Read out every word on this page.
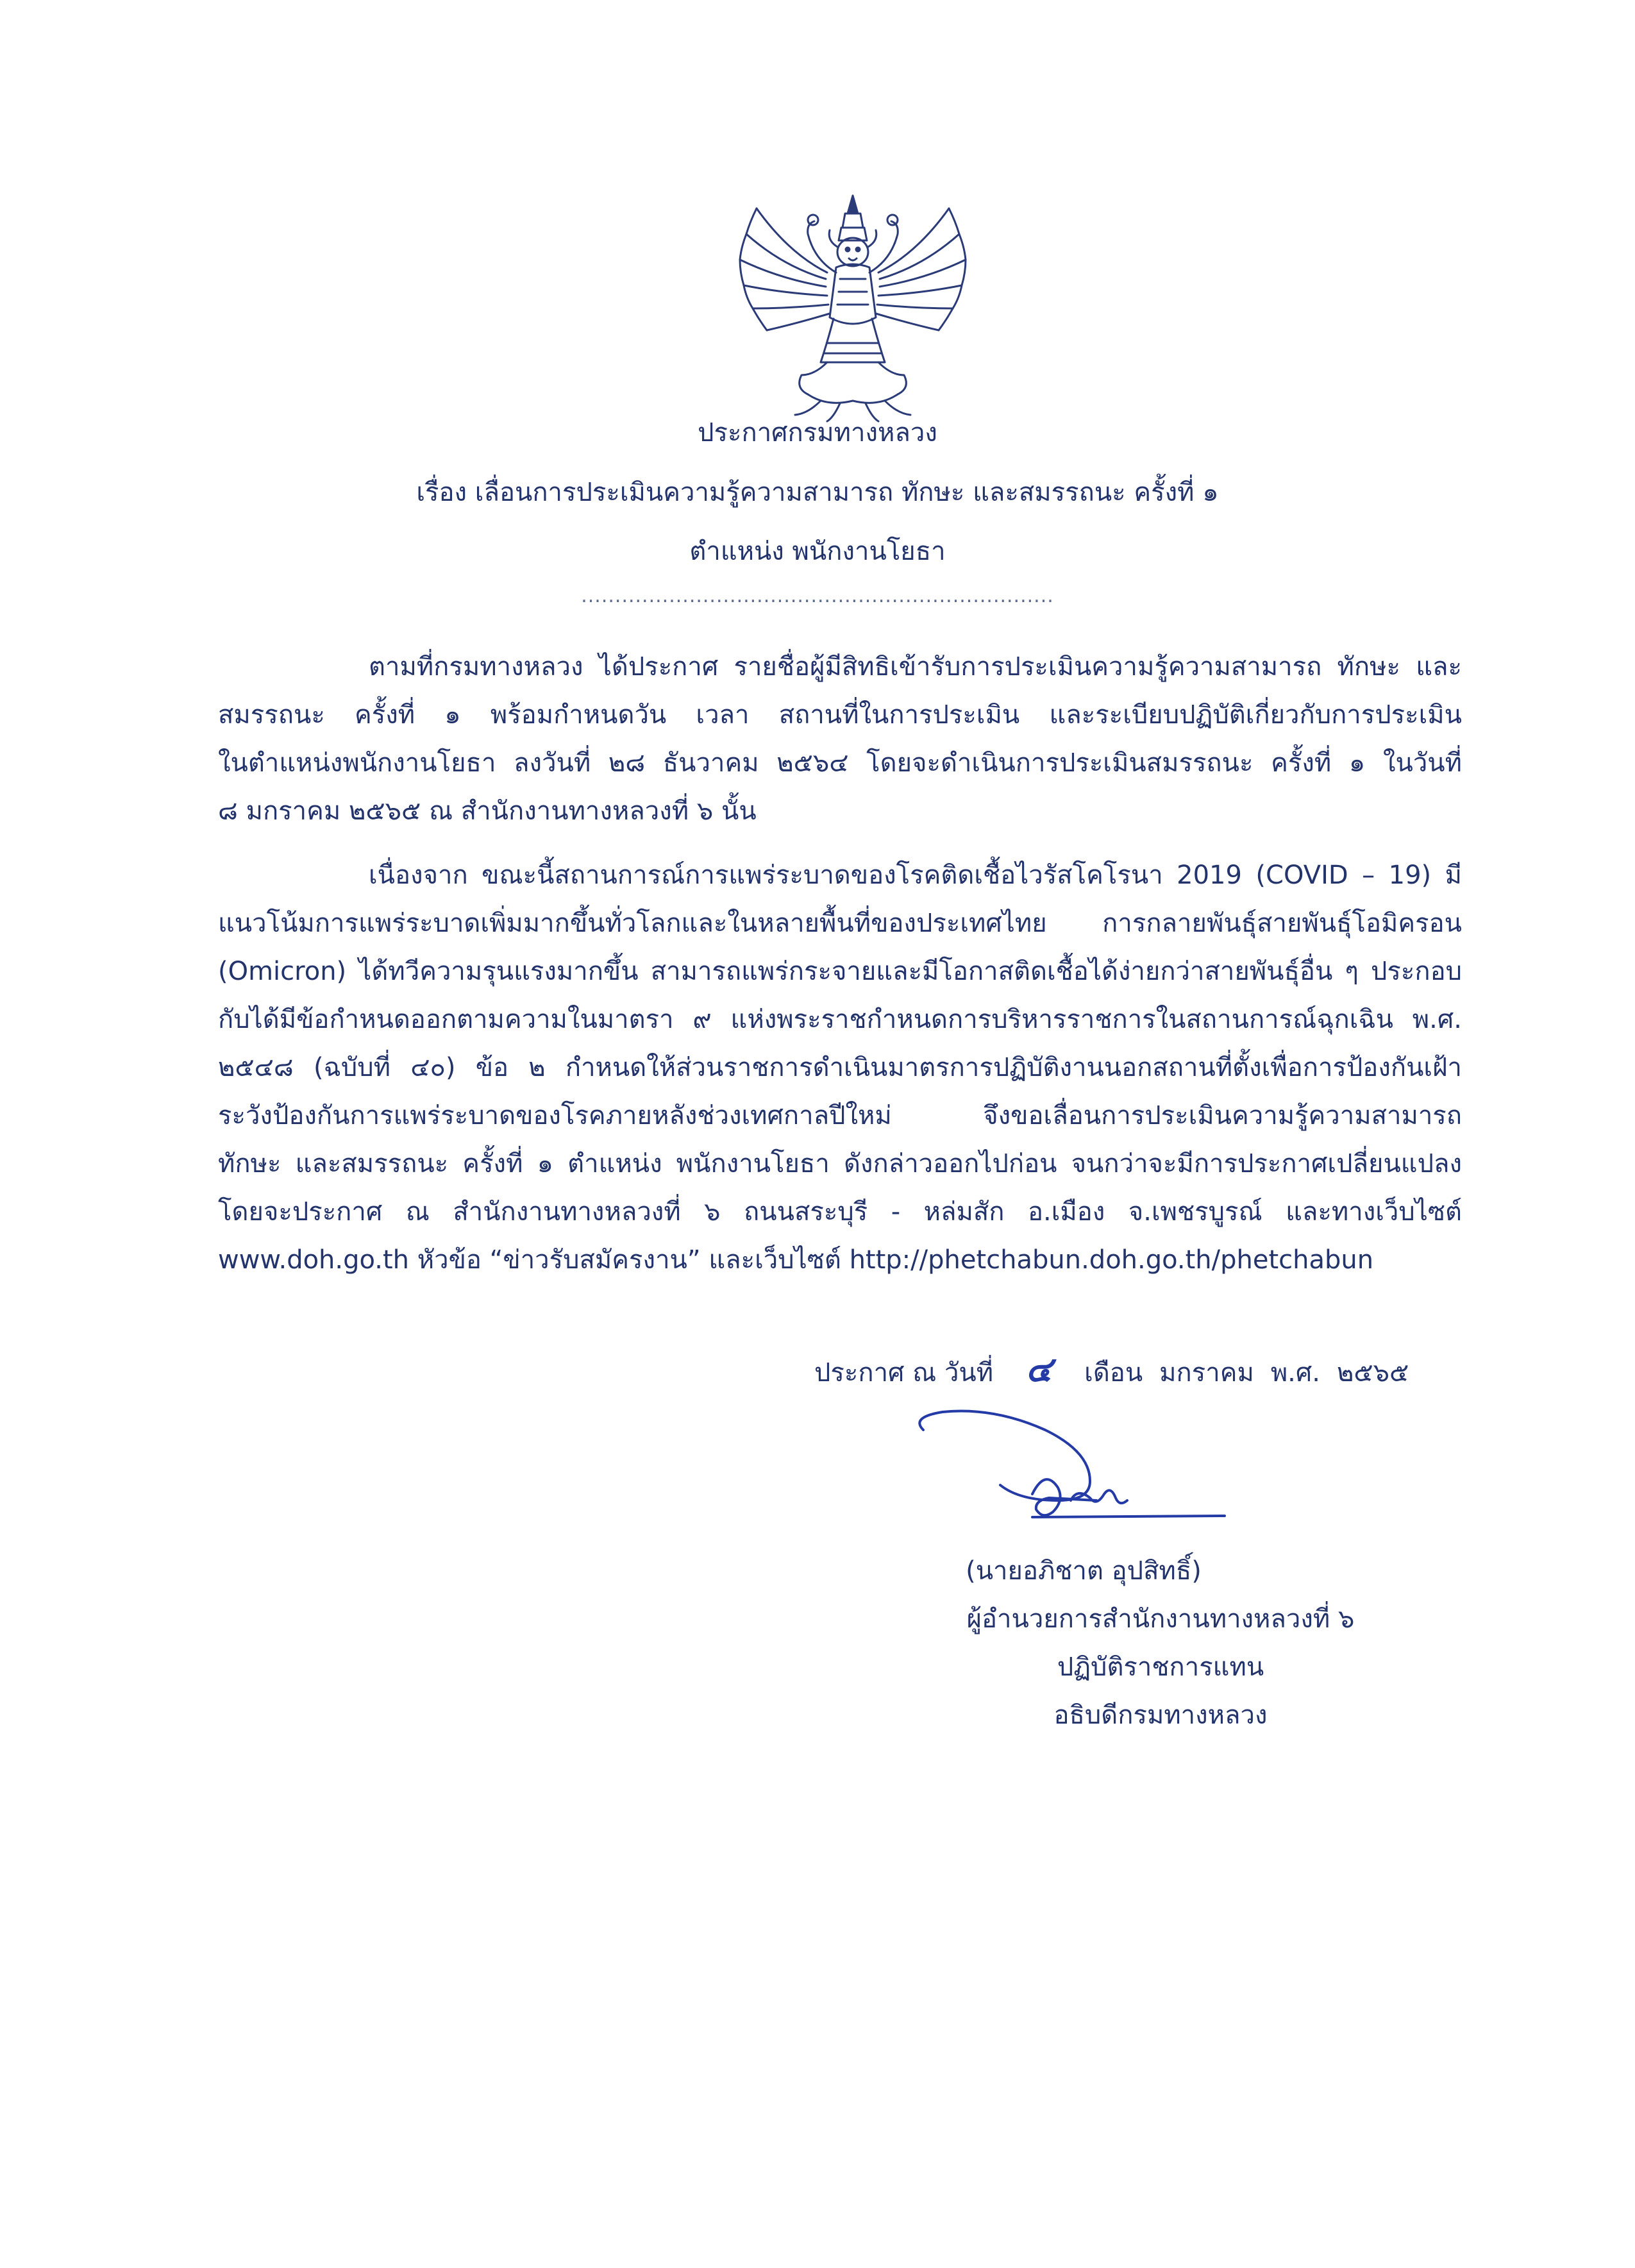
ประกาศกรมทางหลวง
เรื่อง เลื่อนการประเมินความรู้ความสามารถ ทักษะ และสมรรถนะ ครั้งที่ ๑
ตำแหน่ง พนักงานโยธา
......................................................................
ตามที่กรมทางหลวง ได้ประกาศ รายชื่อผู้มีสิทธิเข้ารับการประเมินความรู้ความสามารถ ทักษะ และ
สมรรถนะ ครั้งที่ ๑ พร้อมกำหนดวัน เวลา สถานที่ในการประเมิน และระเบียบปฏิบัติเกี่ยวกับการประเมิน
ในตำแหน่งพนักงานโยธา ลงวันที่ ๒๘ ธันวาคม ๒๕๖๔ โดยจะดำเนินการประเมินสมรรถนะ ครั้งที่ ๑ ในวันที่
๘ มกราคม ๒๕๖๕ ณ สำนักงานทางหลวงที่ ๖ นั้น
เนื่องจาก ขณะนี้สถานการณ์การแพร่ระบาดของโรคติดเชื้อไวรัสโคโรนา 2019 (COVID – 19) มี
แนวโน้มการแพร่ระบาดเพิ่มมากขึ้นทั่วโลกและในหลายพื้นที่ของประเทศไทย การกลายพันธุ์สายพันธุ์โอมิครอน
(Omicron) ได้ทวีความรุนแรงมากขึ้น สามารถแพร่กระจายและมีโอกาสติดเชื้อได้ง่ายกว่าสายพันธุ์อื่น ๆ ประกอบ
กับได้มีข้อกำหนดออกตามความในมาตรา ๙ แห่งพระราชกำหนดการบริหารราชการในสถานการณ์ฉุกเฉิน พ.ศ.
๒๕๔๘ (ฉบับที่ ๔๐) ข้อ ๒ กำหนดให้ส่วนราชการดำเนินมาตรการปฏิบัติงานนอกสถานที่ตั้งเพื่อการป้องกันเฝ้า
ระวังป้องกันการแพร่ระบาดของโรคภายหลังช่วงเทศกาลปีใหม่ จึงขอเลื่อนการประเมินความรู้ความสามารถ
ทักษะ และสมรรถนะ ครั้งที่ ๑ ตำแหน่ง พนักงานโยธา ดังกล่าวออกไปก่อน จนกว่าจะมีการประกาศเปลี่ยนแปลง
โดยจะประกาศ ณ สำนักงานทางหลวงที่ ๖ ถนนสระบุรี - หล่มสัก อ.เมือง จ.เพชรบูรณ์ และทางเว็บไซต์
www.doh.go.th หัวข้อ “ข่าวรับสมัครงาน” และเว็บไซต์ http://phetchabun.doh.go.th/phetchabun
ประกาศ ณ วันที่ ๔ เดือน มกราคม พ.ศ. ๒๕๖๕
(นายอภิชาต อุปสิทธิ์)
ผู้อำนวยการสำนักงานทางหลวงที่ ๖
ปฏิบัติราชการแทน
อธิบดีกรมทางหลวง
